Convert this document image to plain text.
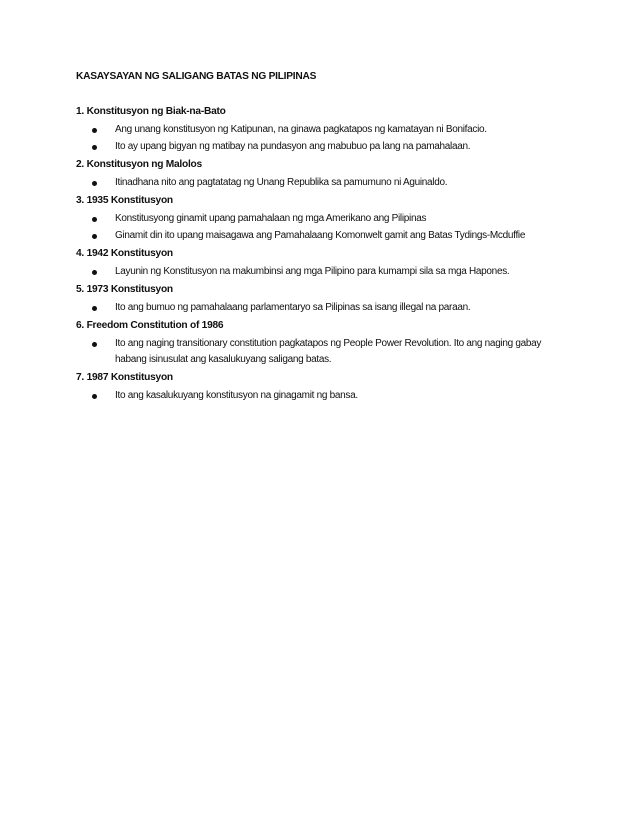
KASAYSAYAN NG SALIGANG BATAS NG PILIPINAS
1. Konstitusyon ng Biak-na-Bato
Ang unang konstitusyon ng Katipunan, na ginawa pagkatapos ng kamatayan ni Bonifacio.
Ito ay upang bigyan ng matibay na pundasyon ang mabubuo pa lang na pamahalaan.
2. Konstitusyon ng Malolos
Itinadhana nito ang pagtatatag ng Unang Republika sa pamumuno ni Aguinaldo.
3. 1935 Konstitusyon
Konstitusyong ginamit upang pamahalaan ng mga Amerikano ang Pilipinas
Ginamit din ito upang maisagawa ang Pamahalaang Komonwelt gamit ang Batas Tydings-Mcduffie
4. 1942 Konstitusyon
Layunin ng Konstitusyon na makumbinsi ang mga Pilipino para kumampi sila sa mga Hapones.
5. 1973 Konstitusyon
Ito ang bumuo ng pamahalaang parlamentaryo sa Pilipinas sa isang illegal na paraan.
6. Freedom Constitution of 1986
Ito ang naging transitionary constitution pagkatapos ng People Power Revolution. Ito ang naging gabay habang isinusulat ang kasalukuyang saligang batas.
7. 1987 Konstitusyon
Ito ang kasalukuyang konstitusyon na ginagamit ng bansa.
